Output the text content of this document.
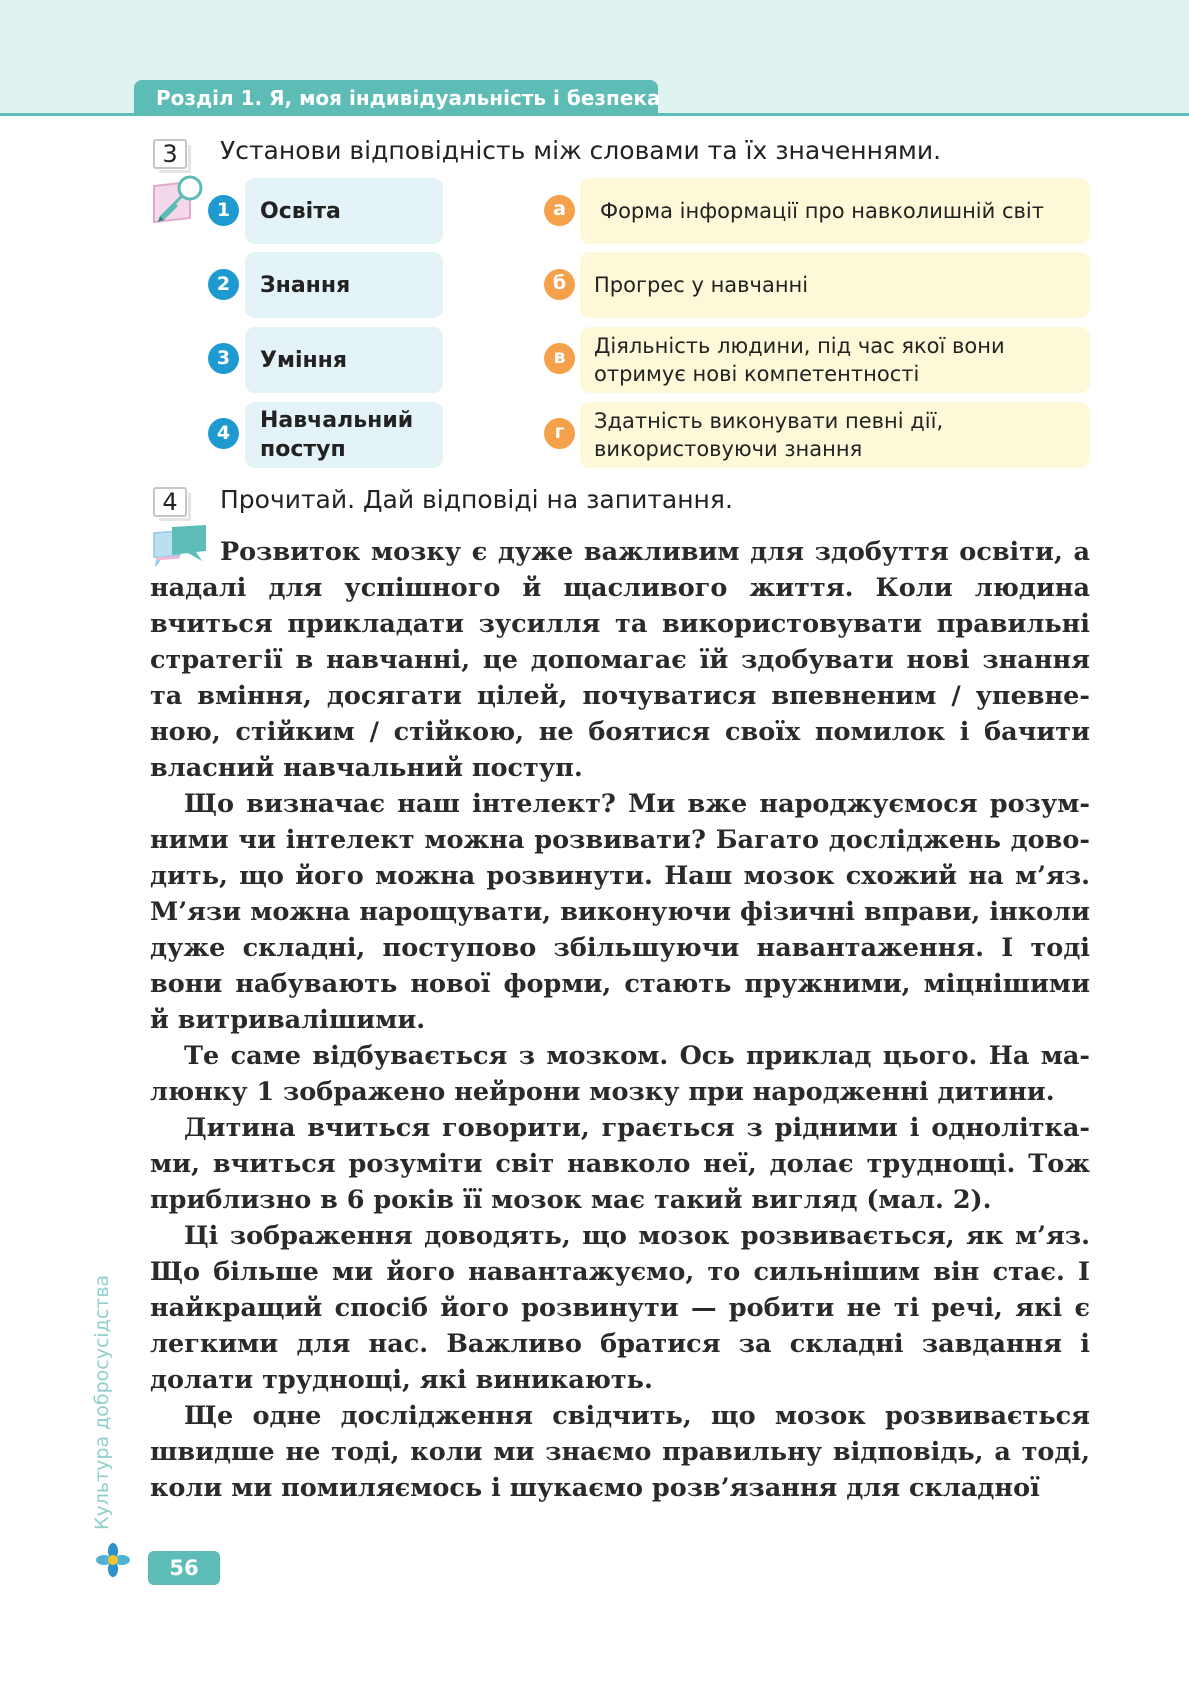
Розділ 1. Я, моя індивідуальність і безпека
3	Установи відповідність між словами та їх значеннями.
1	Освіта
2	Знання
3	Уміння
4	Навчальний поступ
а	Форма інформації про навколишній світ
б	Прогрес у навчанні
в	Діяльність людини, під час якої вони отримує нові компетентності
г	Здатність виконувати певні дії, використовуючи знання
4	Прочитай. Дай відповіді на запитання.

Розвиток мозку є дуже важливим для здобуття освіти, а надалі для успішного й щасливого життя. Коли людина вчиться прикладати зусилля та використовувати правильні стратегії в навчанні, це допомагає їй здобувати нові знання та вміння, досягати цілей, почуватися впевненим / упевненою, стійким / стійкою, не боятися своїх помилок і бачити власний навчальний поступ.

Що визначає наш інтелект? Ми вже народжуємося розумними чи інтелект можна розвивати? Багато досліджень доводить, що його можна розвинути. Наш мозок схожий на м’яз. М’язи можна нарощувати, виконуючи фізичні вправи, інколи дуже складні, поступово збільшуючи навантаження. І тоді вони набувають нової форми, стають пружними, міцнішими й витривалішими.

Те саме відбувається з мозком. Ось приклад цього. На малюнку 1 зображено нейрони мозку при народженні дитини.

Дитина вчиться говорити, грається з рідними і одноліткaми, вчиться розуміти світ навколо неї, долає труднощі. Тож приблизно в 6 років її мозок має такий вигляд (мал. 2).

Ці зображення доводять, що мозок розвивається, як м’яз. Що більше ми його навантажуємо, то сильнішим він стає. І найкращий спосіб його розвинути — робити не ті речі, які є легкими для нас. Важливо братися за складні завдання і долати труднощі, які виникають.

Ще одне дослідження свідчить, що мозок розвивається швидше не тоді, коли ми знаємо правильну відповідь, а тоді, коли ми помиляємось і шукаємо розв’язання для складної

Культура добросусідства
56
